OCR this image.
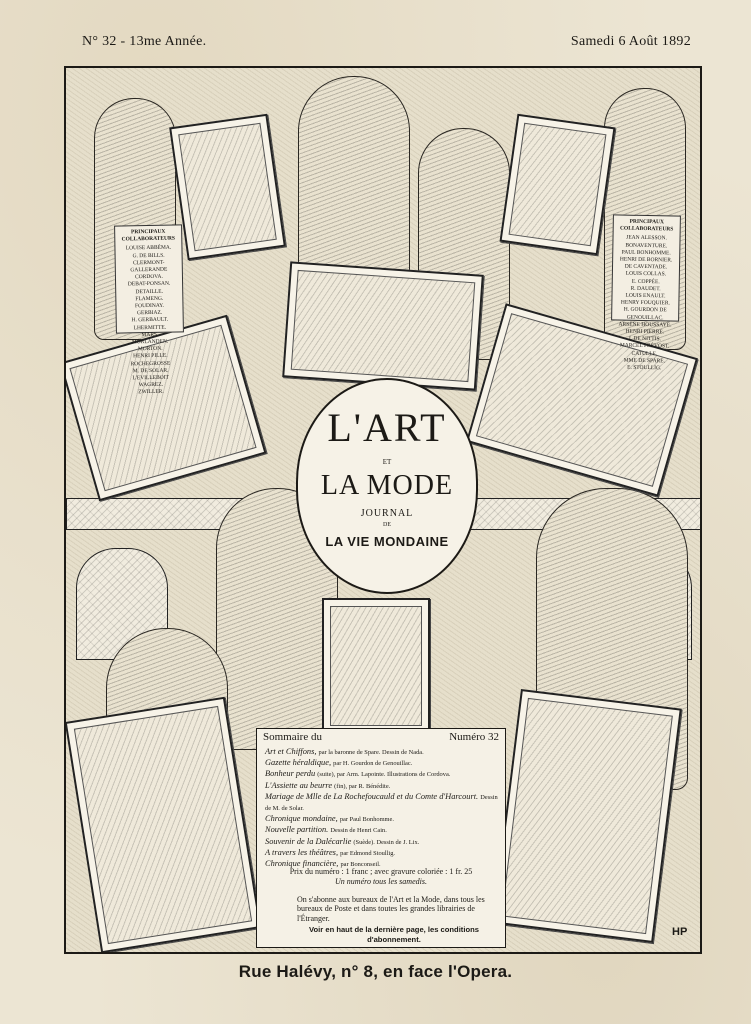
N° 32 - 13me Année.	Samedi 6 Août 1892
PRINCIPAUX COLLABORATEURS
LOUISE ABBÉMA.
G. DE BILLS.
CLERMONT-GALLERANDE
CORDOVA.
DEBAT-PONSAN.
DETAILLE.
FLAMENG.
FOUDINAY.
GERBIAZ.
H. GERBAULT.
LHERMITTE.
MARS.
MORLANDEN.
MORTON.
HENRI PILLE.
ROCHEGROSSE
M. DE SOLAR.
L'EVILLEBOIT
WAGREZ.
ZWILLER.
PRINCIPAUX COLLABORATEURS
JEAN ALESSON.
BONAVENTURE.
PAUL BONHOMME.
HENRI DE BORNIER.
DE CAVENTADE.
LOUIS COLLAS.
E. COPPÉE.
R. DAUDET.
LOUIS ENAULT.
HENRY FOUQUIER.
H. GOURDON DE
GENOUILLAC.
ARSÈNE HOUSSAYE.
HENRI PIERRE.
J. DE NITTIS.
MARCEL PRÉVOST.
CATULLE.
MME DE SPARE.
E. STOULLIG.
L'ART
ET
LA MODE
JOURNAL
DE
LA VIE MONDAINE
Sommaire du	Numéro 32
Art et Chiffons, par la baronne de Spare. Dessin de Nada.
Gazette héraldique, par H. Gourdon de Genouillac.
Bonheur perdu (suite), par Arm. Lapointe. Illustrations de Cordova.
L'Assiette au beurre (fin), par R. Bénédite.
Mariage de Mlle de La Rochefoucauld et du Comte d'Harcourt. Dessin de M. de Solar.
Chronique mondaine, par Paul Bonhomme.
Nouvelle partition. Dessin de Henri Cain.
Souvenir de la Dalécarlie (Suède). Dessin de J. Lix.
A travers les théâtres, par Edmond Stoullig.
Chronique financière, par Bonconseil.
Prix du numéro : 1 franc ; avec gravure coloriée : 1 fr. 25
Un numéro tous les samedis.
On s'abonne aux bureaux de l'Art et la Mode, dans tous les bureaux de Poste et dans toutes les grandes librairies de l'Étranger.
Voir en haut de la dernière page, les conditions d'abonnement.
HP
Rue Halévy, n° 8, en face l'Opera.
